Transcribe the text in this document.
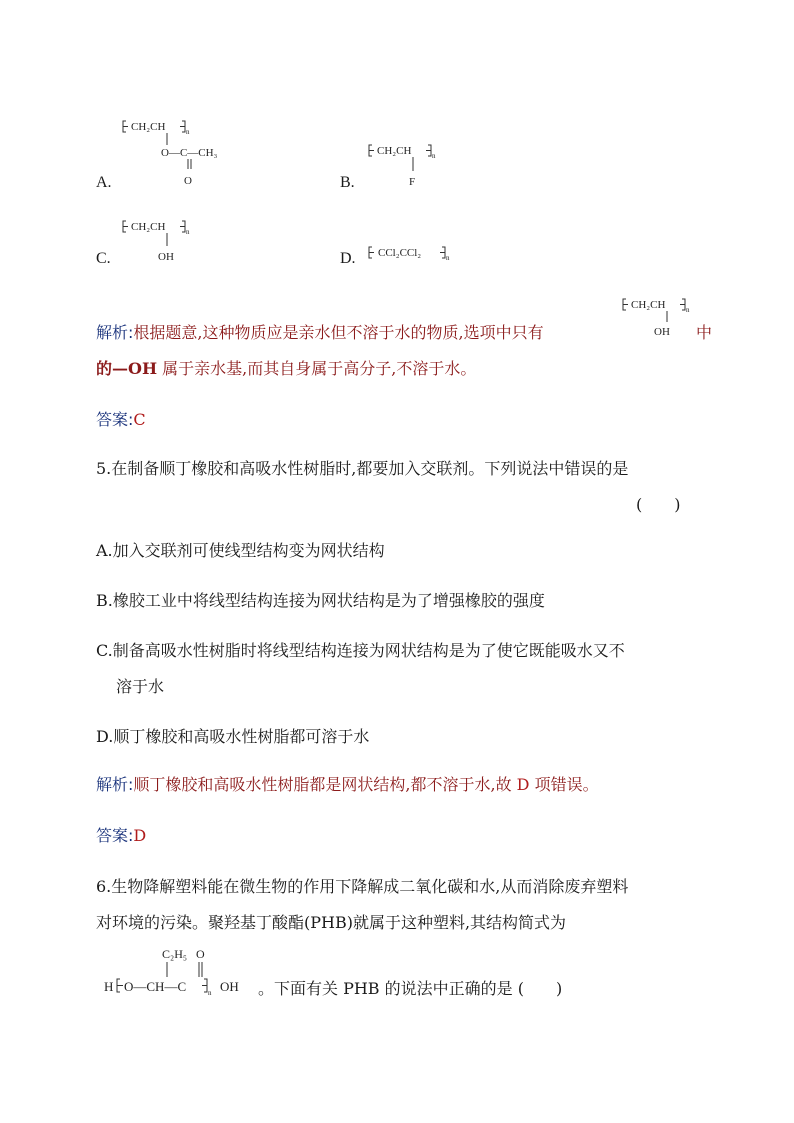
A.
CH₂CH	n
O—C—CH₃
O	B.
CH₂CH	n
F
C.
CH₂CH	n
OH	D. CCl₂CCl₂	n
解析:根据题意,这种物质应是亲水但不溶于水的物质,选项中只有
CH₂CH	n
OH 中
的—OH 属于亲水基,而其自身属于高分子,不溶于水。
答案:C
5.在制备顺丁橡胶和高吸水性树脂时,都要加入交联剂。下列说法中错误的是
(　　)
A.加入交联剂可使线型结构变为网状结构
B.橡胶工业中将线型结构连接为网状结构是为了增强橡胶的强度
C.制备高吸水性树脂时将线型结构连接为网状结构是为了使它既能吸水又不
溶于水
D.顺丁橡胶和高吸水性树脂都可溶于水
解析:顺丁橡胶和高吸水性树脂都是网状结构,都不溶于水,故 D 项错误。
答案:D
6.生物降解塑料能在微生物的作用下降解成二氧化碳和水,从而消除废弃塑料
对环境的污染。聚羟基丁酸酯(PHB)就属于这种塑料,其结构简式为
H O—CH—C	n OH
C₂H₅ O
。下面有关 PHB 的说法中正确的是 (　　)
